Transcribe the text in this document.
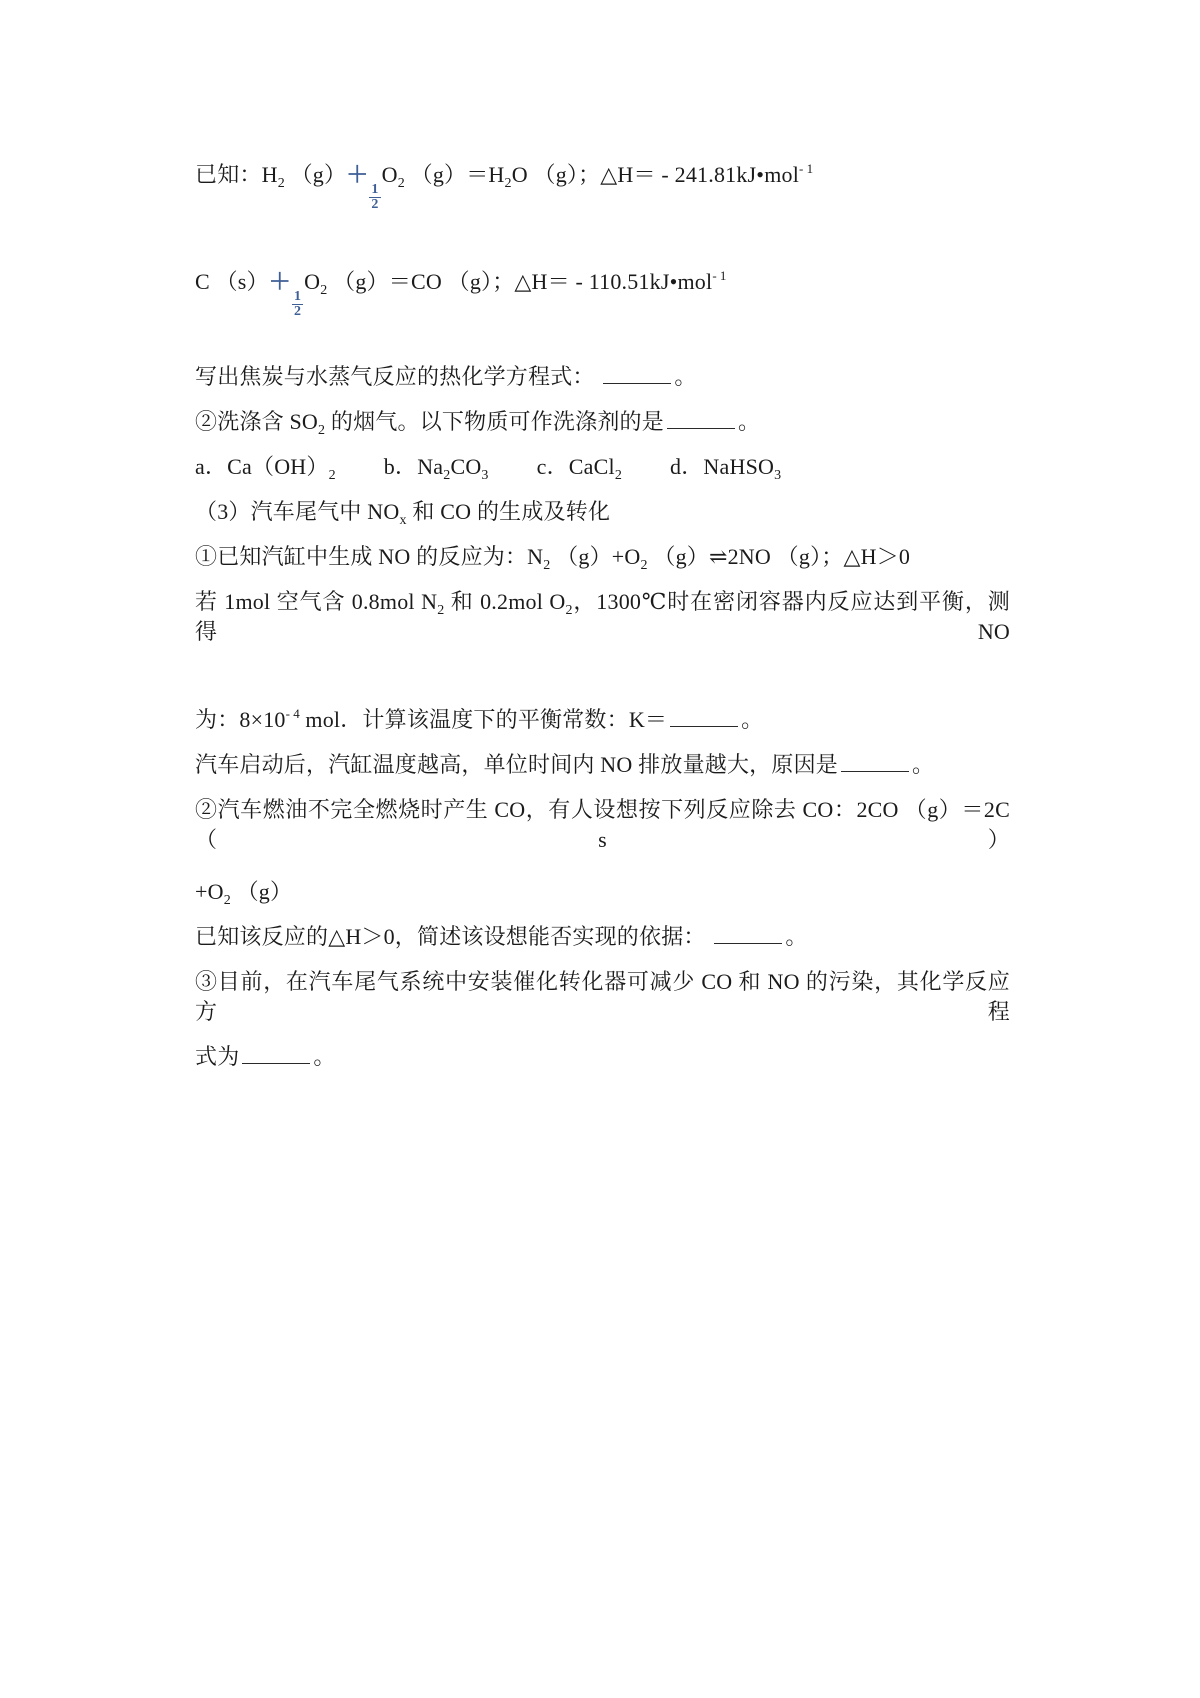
已知：$H_2$ （g）＋
$\frac{1}{2}$
$O_2$ $(g)=H_2O$ （g）；△H＝ - 241.81kJ•mol$^{- 1}$
C （s）＋
$\frac{1}{2}$
$O_2$ （g）＝CO （g）；△H＝ - 110.51kJ•mol$^{- 1}$
写出焦炭与水蒸气反应的热化学方程式：	。
②洗涤含 $SO_2$ 的烟气。以下物质可作洗涤剂的是	。
a．$Ca(OH)_2$ b．$Na_2CO_3$ c．CaCl$_2$ d．NaHSO$_3$
（3）汽车尾气中 $NO_x$ 和 CO 的生成及转化
①已知汽缸中生成 NO 的反应为：$N_2$ $(g)+O_2$ （g）⇌2NO （g）；△H＞0
若 1mol 空气含 0.8mol $N_2$ 和 0.2mol $O_2$，1300℃时在密闭容器内反应达到平衡，测得 NO
为：$8\times 10^{- 4}$ mol．计算该温度下的平衡常数：K＝	。
汽车启动后，汽缸温度越高，单位时间内 NO 排放量越大，原因是	。
②汽车燃油不完全燃烧时产生 CO，有人设想按下列反应除去 CO：2CO （g）＝2C （s）
$+O_2$ （g）
已知该反应的△H＞0，简述该设想能否实现的依据：	。
③目前，在汽车尾气系统中安装催化转化器可减少 CO 和 NO 的污染，其化学反应方程
式为	。
